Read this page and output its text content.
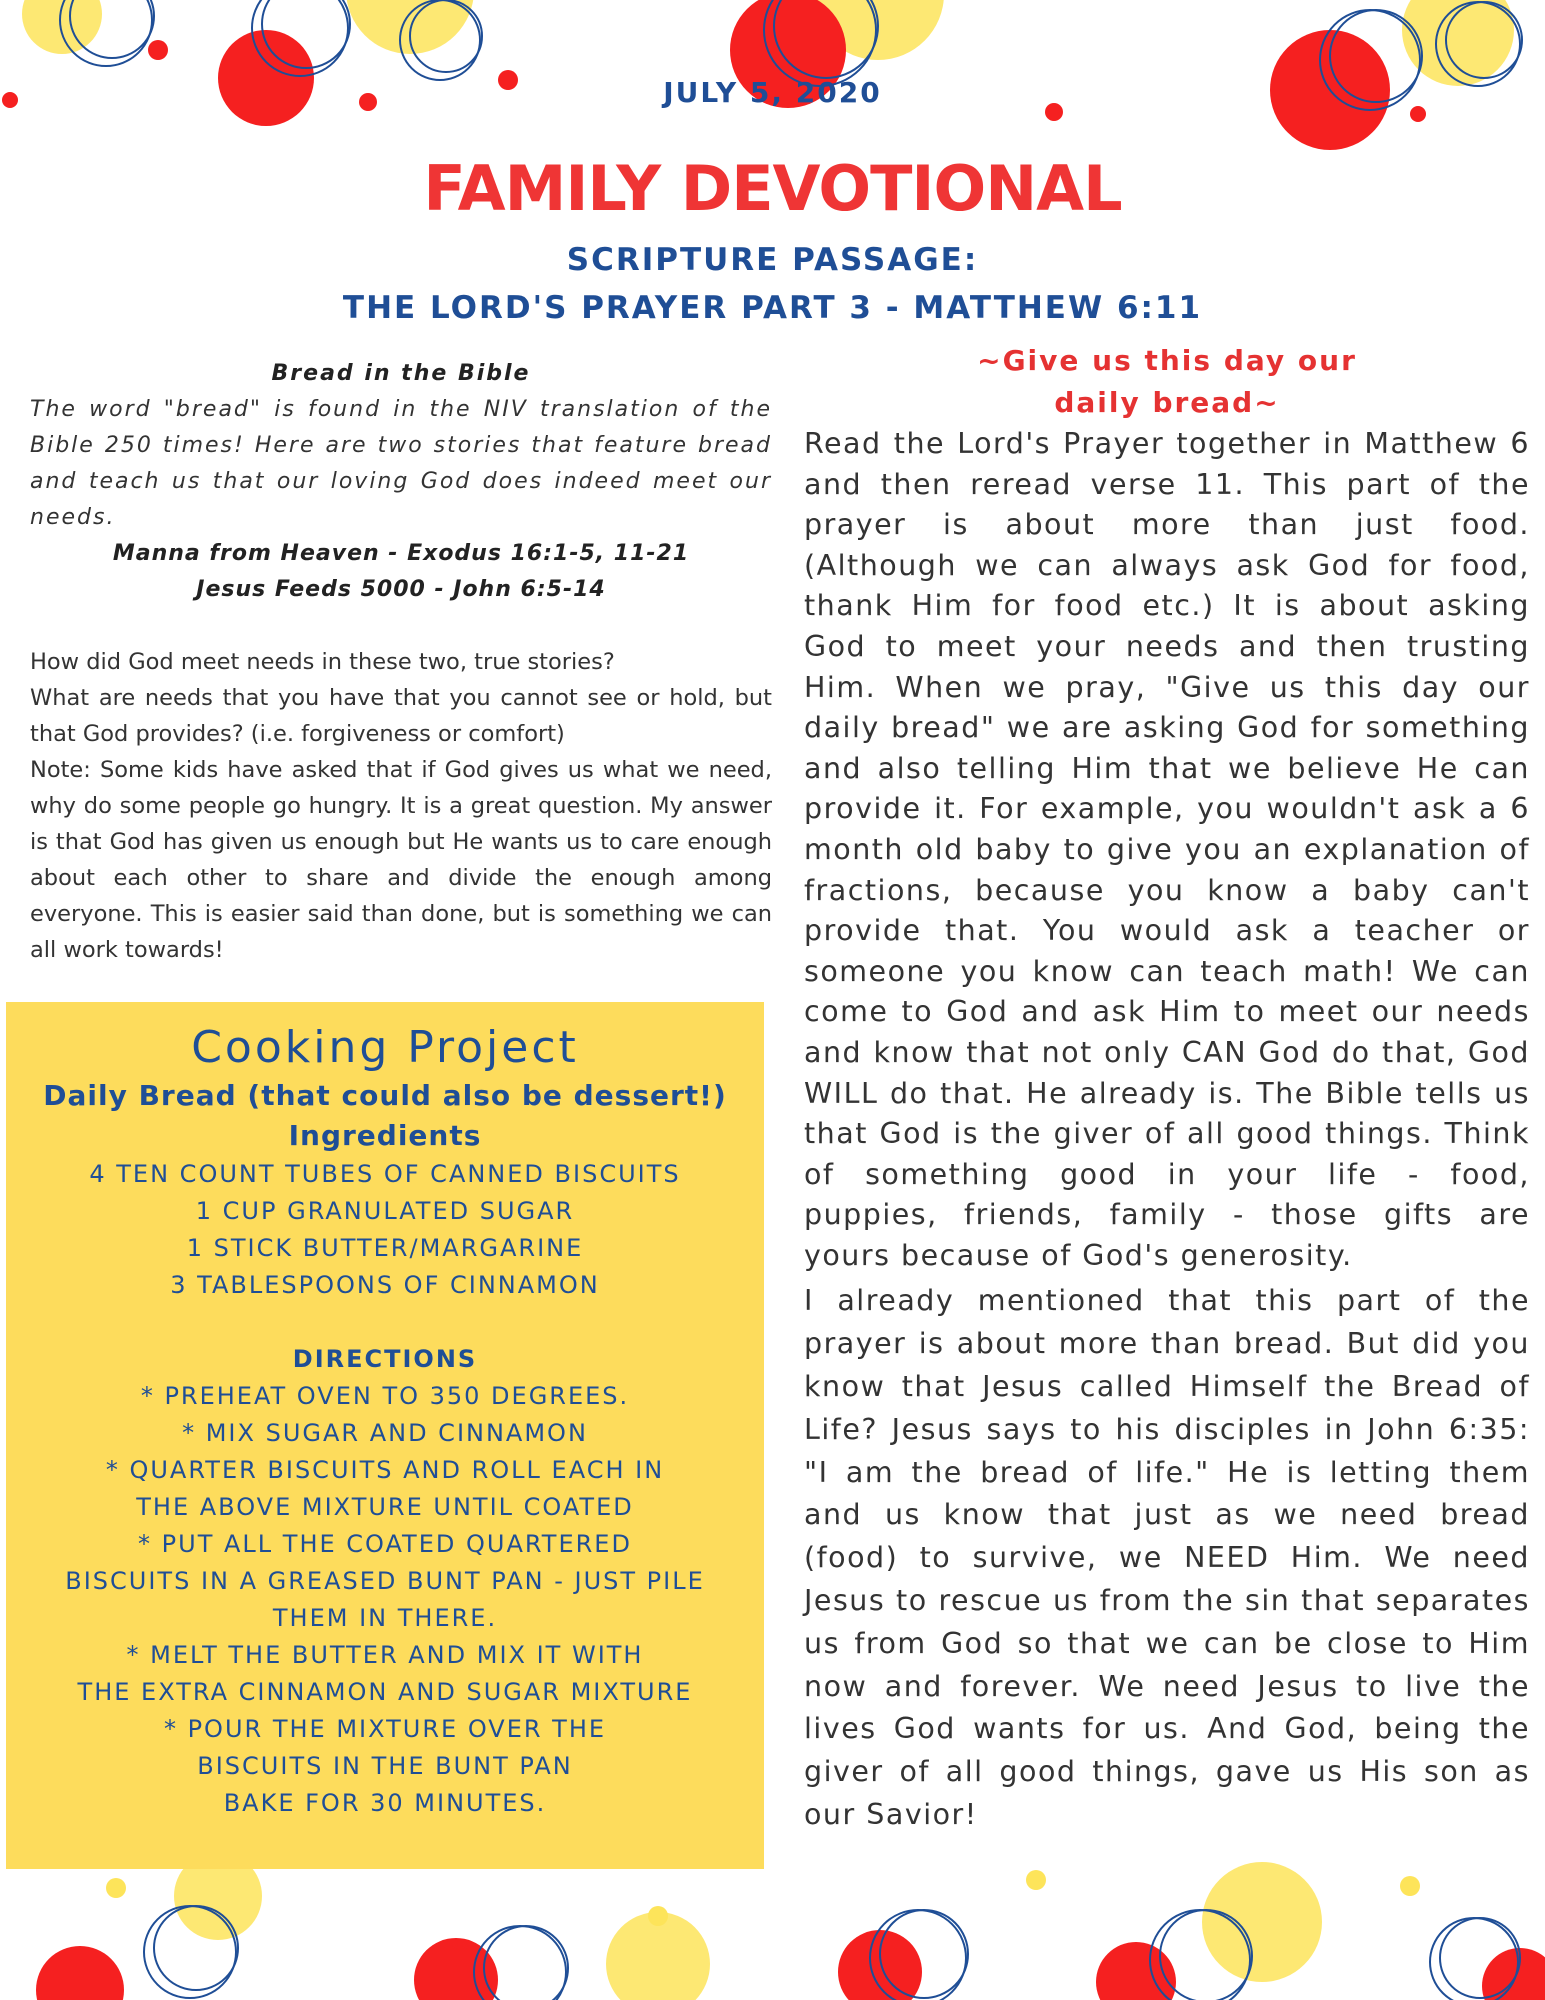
JULY 5, 2020
FAMILY DEVOTIONAL
SCRIPTURE PASSAGE:
THE LORD'S PRAYER PART 3 - MATTHEW 6:11
Bread in the Bible
The word "bread" is found in the NIV translation of the Bible 250 times! Here are two stories that feature bread and teach us that our loving God does indeed meet our needs.
Manna from Heaven - Exodus 16:1-5, 11-21
Jesus Feeds 5000 - John 6:5-14

How did God meet needs in these two, true stories?

What are needs that you have that you cannot see or hold, but that God provides? (i.e. forgiveness or comfort)

Note: Some kids have asked that if God gives us what we need, why do some people go hungry. It is a great question. My answer is that God has given us enough but He wants us to care enough about each other to share and divide the enough among everyone. This is easier said than done, but is something we can all work towards!

Cooking Project
Daily Bread (that could also be dessert!)
Ingredients
4 TEN COUNT TUBES OF CANNED BISCUITS
1 CUP GRANULATED SUGAR
1 STICK BUTTER/MARGARINE
3 TABLESPOONS OF CINNAMON
DIRECTIONS
* PREHEAT OVEN TO 350 DEGREES.
* MIX SUGAR AND CINNAMON
* QUARTER BISCUITS AND ROLL EACH IN
THE ABOVE MIXTURE UNTIL COATED
* PUT ALL THE COATED QUARTERED
BISCUITS IN A GREASED BUNT PAN - JUST PILE
THEM IN THERE.
* MELT THE BUTTER AND MIX IT WITH
THE EXTRA CINNAMON AND SUGAR MIXTURE
* POUR THE MIXTURE OVER THE
BISCUITS IN THE BUNT PAN
BAKE FOR 30 MINUTES.
~Give us this day our
daily bread~

Read the Lord's Prayer together in Matthew 6 and then reread verse 11. This part of the prayer is about more than just food. (Although we can always ask God for food, thank Him for food etc.) It is about asking God to meet your needs and then trusting Him. When we pray, "Give us this day our daily bread" we are asking God for something and also telling Him that we believe He can provide it. For example, you wouldn't ask a 6 month old baby to give you an explanation of fractions, because you know a baby can't provide that. You would ask a teacher or someone you know can teach math! We can come to God and ask Him to meet our needs and know that not only CAN God do that, God WILL do that. He already is. The Bible tells us that God is the giver of all good things. Think of something good in your life - food, puppies, friends, family - those gifts are yours because of God's generosity.

I already mentioned that this part of the prayer is about more than bread. But did you know that Jesus called Himself the Bread of Life? Jesus says to his disciples in John 6:35: "I am the bread of life." He is letting them and us know that just as we need bread (food) to survive, we NEED Him. We need Jesus to rescue us from the sin that separates us from God so that we can be close to Him now and forever. We need Jesus to live the lives God wants for us. And God, being the giver of all good things, gave us His son as our Savior!
